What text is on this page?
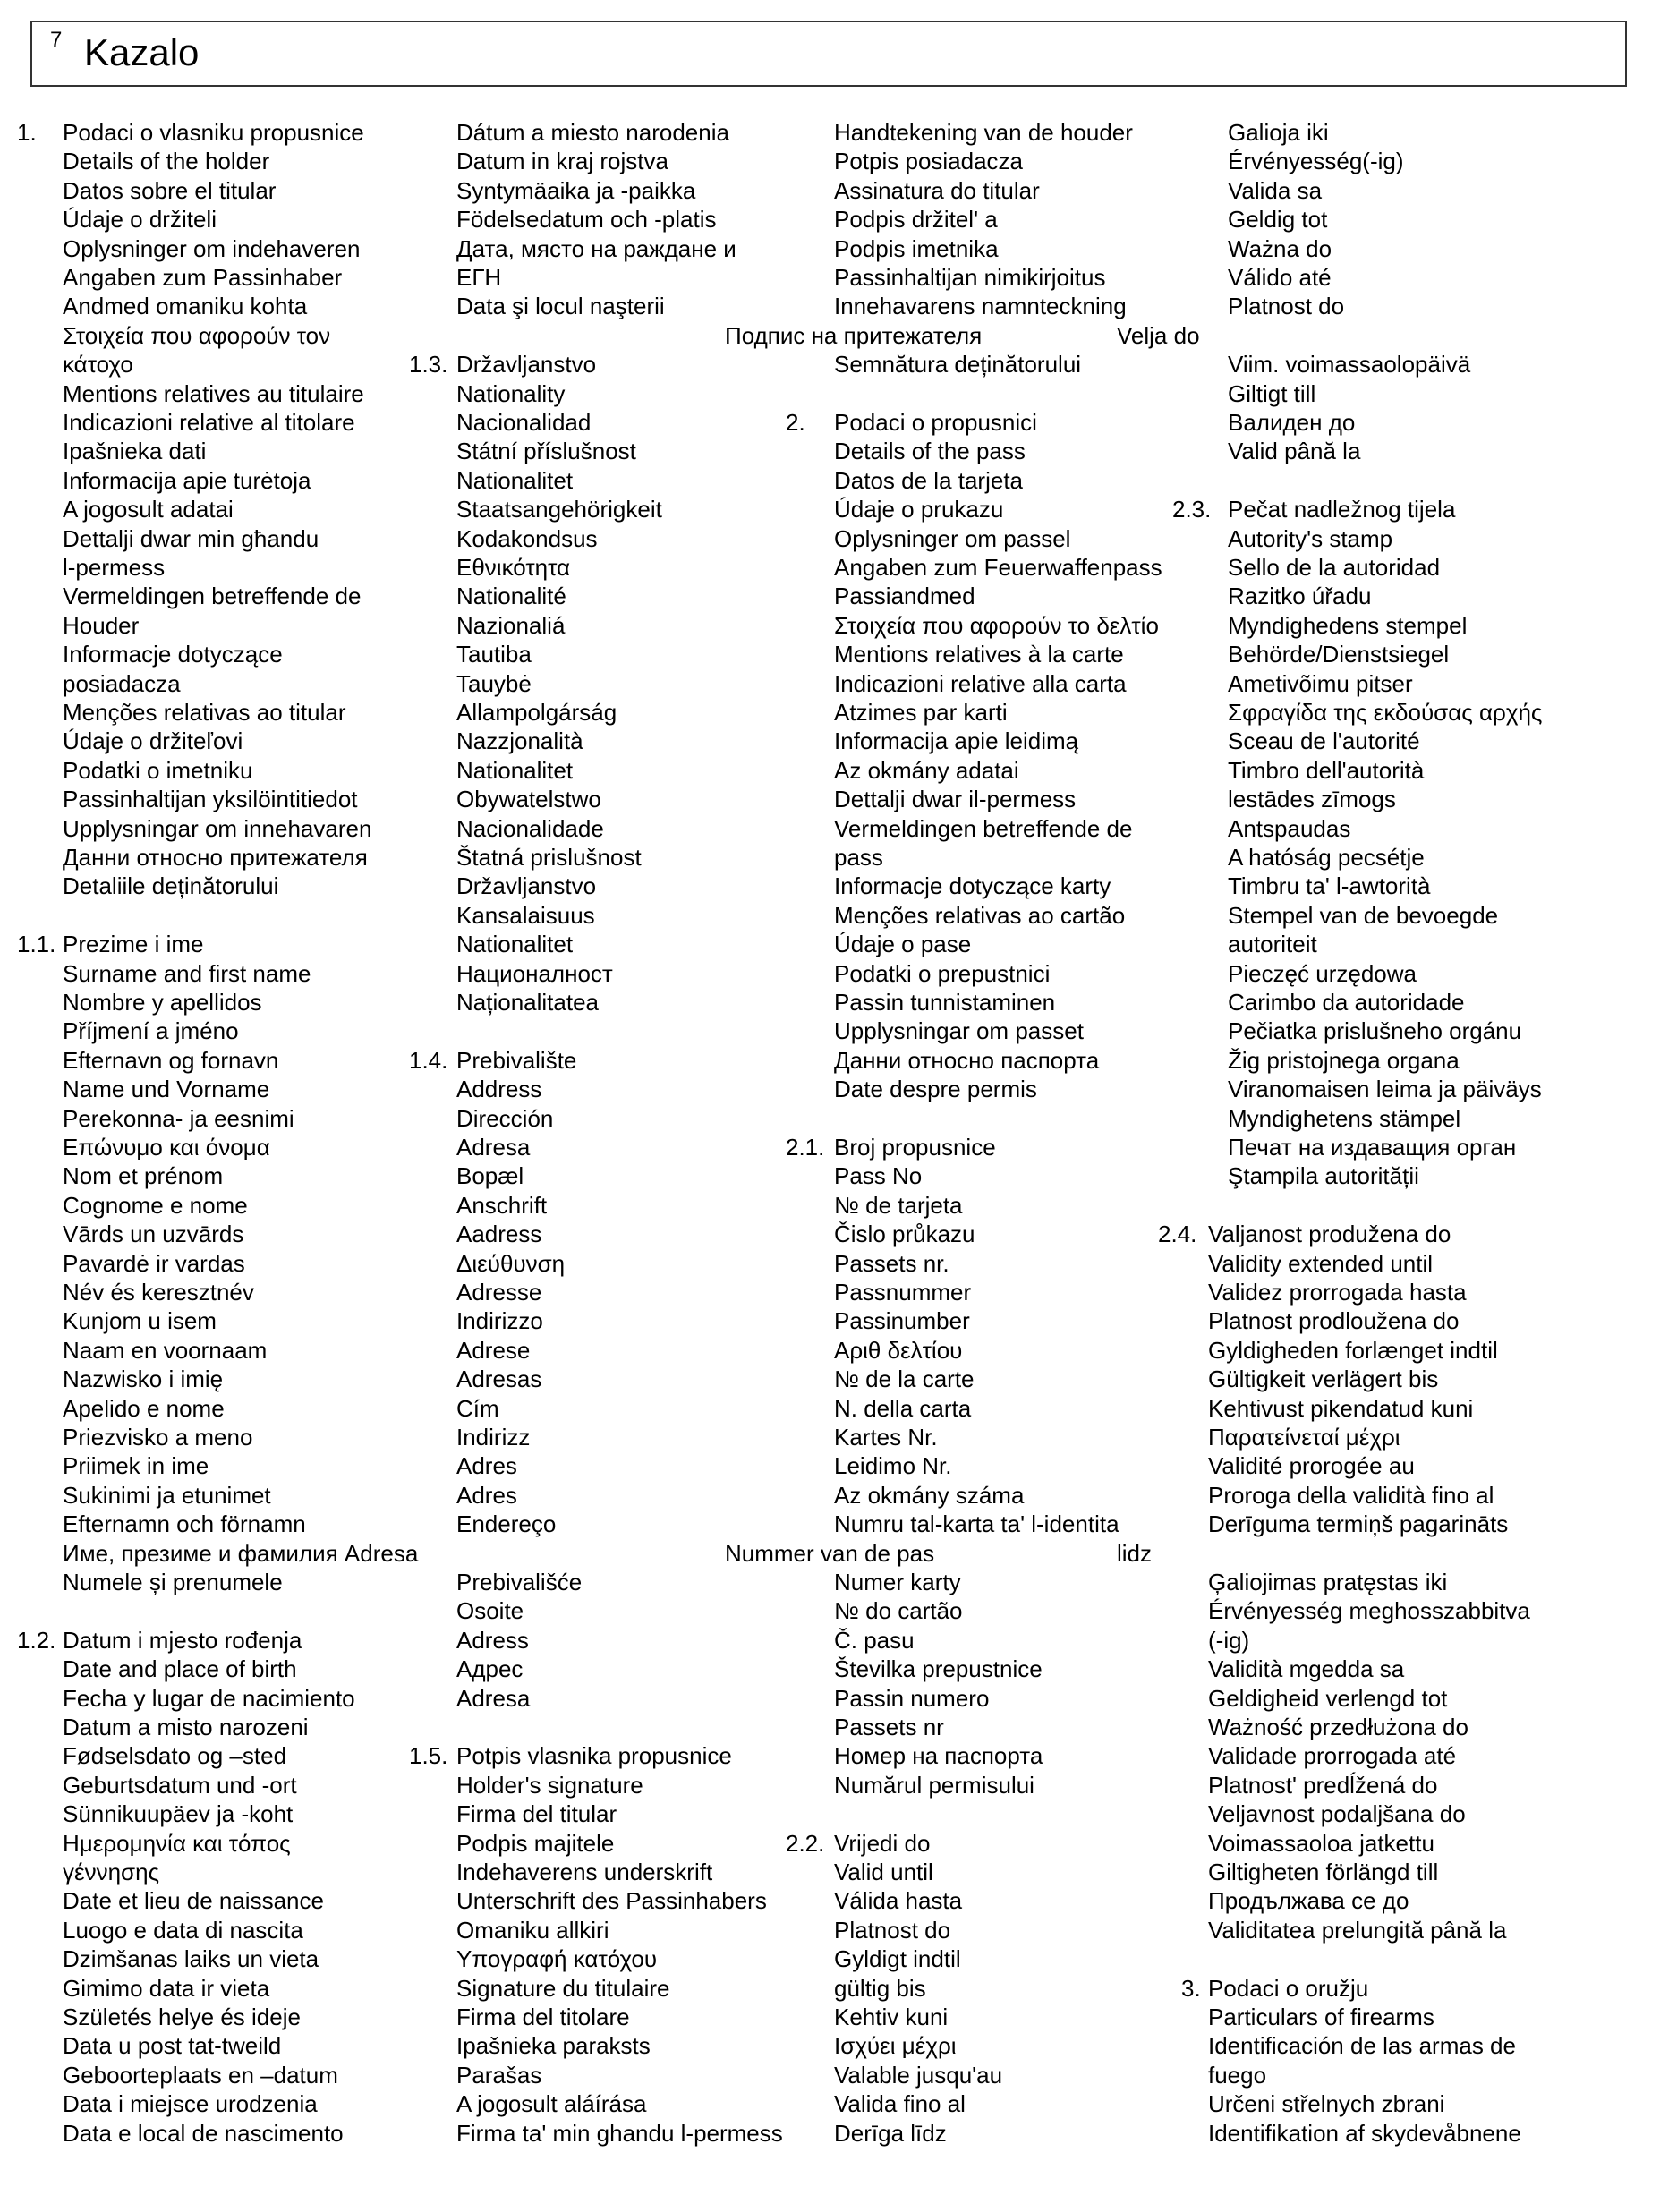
7 Kazalo
1. Podaci o vlasniku propusnice
Details of the holder
Datos sobre el titular
Údaje o držiteli
Oplysninger om indehaveren
Angaben zum Passinhaber
Andmed omaniku kohta
Στοιχεία που αφορούν τον
κάτοχο
Mentions relatives au titulaire
Indicazioni relative al titolare
Ipašnieka dati
Informacija apie turėtoja
A jogosult adatai
Dettalji dwar min għandu
l-permess
Vermeldingen betreffende de
Houder
Informacje dotyczące
posiadacza
Menções relativas ao titular
Údaje o držiteľovi
Podatki o imetniku
Passinhaltijan yksilöintitiedot
Upplysningar om innehavaren
Данни относно притежателя
Detaliile deținătorului
1.1. Prezime i ime
Surname and first name
Nombre y apellidos
Příjmení a jméno
Efternavn og fornavn
Name und Vorname
Perekonna- ja eesnimi
Επώνυμο και όνομα
Nom et prénom
Cognome e nome
Vārds un uzvārds
Pavardė ir vardas
Név és keresztnév
Kunjom u isem
Naam en voornaam
Nazwisko i imię
Apelido e nome
Priezvisko a meno
Priimek in ime
Sukinimi ja etunimet
Efternamn och förnamn
Име, презиме и фамилия Adresa
Numele și prenumele
1.2. Datum i mjesto rođenja
Date and place of birth
Fecha y lugar de nacimiento
Datum a misto narozeni
Fødselsdato og –sted
Geburtsdatum und -ort
Sünnikuupäev ja -koht
Ημερομηνία και τόπος
γέννησης
Date et lieu de naissance
Luogo e data di nascita
Dzimšanas laiks un vieta
Gimimo data ir vieta
Születés helye és ideje
Data u post tat-tweild
Geboorteplaats en –datum
Data i miejsce urodzenia
Data e local de nascimento
Dátum a miesto narodenia
Datum in kraj rojstva
Syntymäaika ja -paikka
Födelsedatum och -platis
Дата, място на раждане и
ЕГН
Data şi locul naşterii
1.3. Državljanstvo
Nationality
Nacionalidad
Státní příslušnost
Nationalitet
Staatsangehörigkeit
Kodakondsus
Εθνικότητα
Nationalité
Nazionaliá
Tautiba
Tauybė
Allampolgárság
Nazzjonalità
Nationalitet
Obywatelstwo
Nacionalidade
Štatná prislušnost
Državljanstvo
Kansalaisuus
Nationalitet
Националност
Naționalitatea
1.4. Prebivalište
Address
Dirección
Adresa
Bopæl
Anschrift
Aadress
Διεύθυνση
Adresse
Indirizzo
Adrese
Adresas
Cím
Indirizz
Adres
Adres
Endereço
Prebivališće
Osoite
Adress
Адрес
Adresa
1.5. Potpis vlasnika propusnice
Holder's signature
Firma del titular
Podpis majitele
Indehaverens underskrift
Unterschrift des Passinhabers
Omaniku allkiri
Υπογραφή κατόχου
Signature du titulaire
Firma del titolare
Ipašnieka paraksts
Parašas
A jogosult aláírása
Firma ta' min ghandu l-permess
Handtekening van de houder
Potpis posiadacza
Assinatura do titular
Podpis držitel' a
Podpis imetnika
Passinhaltijan nimikirjoitus
Innehavarens namnteckning
Подпис на притежателя
Semnătura deținătorului
2. Podaci o propusnici
Details of the pass
Datos de la tarjeta
Údaje o prukazu
Oplysninger om passel
Angaben zum Feuerwaffenpass
Passiandmed
Στοιχεία που αφορούν το δελτίο
Mentions relatives à la carte
Indicazioni relative alla carta
Atzimes par karti
Informacija apie leidimą
Az okmány adatai
Dettalji dwar il-permess
Vermeldingen betreffende de
pass
Informacje dotyczące karty
Menções relativas ao cartão
Údaje o pase
Podatki o prepustnici
Passin tunnistaminen
Upplysningar om passet
Данни относно паспорта
Date despre permis
2.1. Broj propusnice
Pass No
№ de tarjeta
Čislo průkazu
Passets nr.
Passnummer
Passinumber
Αριθ δελτίου
№ de la carte
N. della carta
Kartes Nr.
Leidimo Nr.
Az okmány száma
Numru tal-karta ta' l-identita
Nummer van de pas
Numer karty
№ do cartão
Č. pasu
Številka prepustnice
Passin numero
Passets nr
Номер на паспорта
Numărul permisului
2.2. Vrijedi do
Valid until
Válida hasta
Platnost do
Gyldigt indtil
gültig bis
Kehtiv kuni
Ισχύει μέχρι
Valable jusqu'au
Valida fino al
Derīga līdz
Galioja iki
Érvényesség(-ig)
Valida sa
Geldig tot
Ważna do
Válido até
Platnost do
Velja do
Viim. voimassaolopäivä
Giltigt till
Валиден до
Valid până la
2.3. Pečat nadležnog tijela
Autority's stamp
Sello de la autoridad
Razitko úřadu
Myndighedens stempel
Behörde/Dienstsiegel
Ametivõimu pitser
Σφραγίδα της εκδούσας αρχής
Sceau de l'autorité
Timbro dell'autorità
lestādes zīmogs
Antspaudas
A hatóság pecsétje
Timbru ta' l-awtorità
Stempel van de bevoegde
autoriteit
Pieczęć urzędowa
Carimbo da autoridade
Pečiatka prislušneho orgánu
Žig pristojnega organa
Viranomaisen leima ja päiväys
Myndighetens stämpel
Печат на издаващия орган
Ştampila autorității
2.4. Valjanost produžena do
Validity extended until
Validez prorrogada hasta
Platnost prodloužena do
Gyldigheden forlænget indtil
Gültigkeit verlägert bis
Kehtivust pikendatud kuni
Παρατείνεταί μέχρι
Validité prorogée au
Proroga della validità fino al
Derīguma termiņš pagarināts
lidz
Ģaliojimas pratęstas iki
Érvényesség meghosszabbitva
(-ig)
Validità mgedda sa
Geldigheid verlengd tot
Ważność przedłużona do
Validade prorrogada até
Platnost' predĺžená do
Veljavnost podaljšana do
Voimassaoloa jatkettu
Giltigheten förlängd till
Продължава се до
Validitatea prelungită până la
3. Podaci o oružju
Particulars of firearms
Identificación de las armas de
fuego
Určeni střelnych zbrani
Identifikation af skydevåbnene
